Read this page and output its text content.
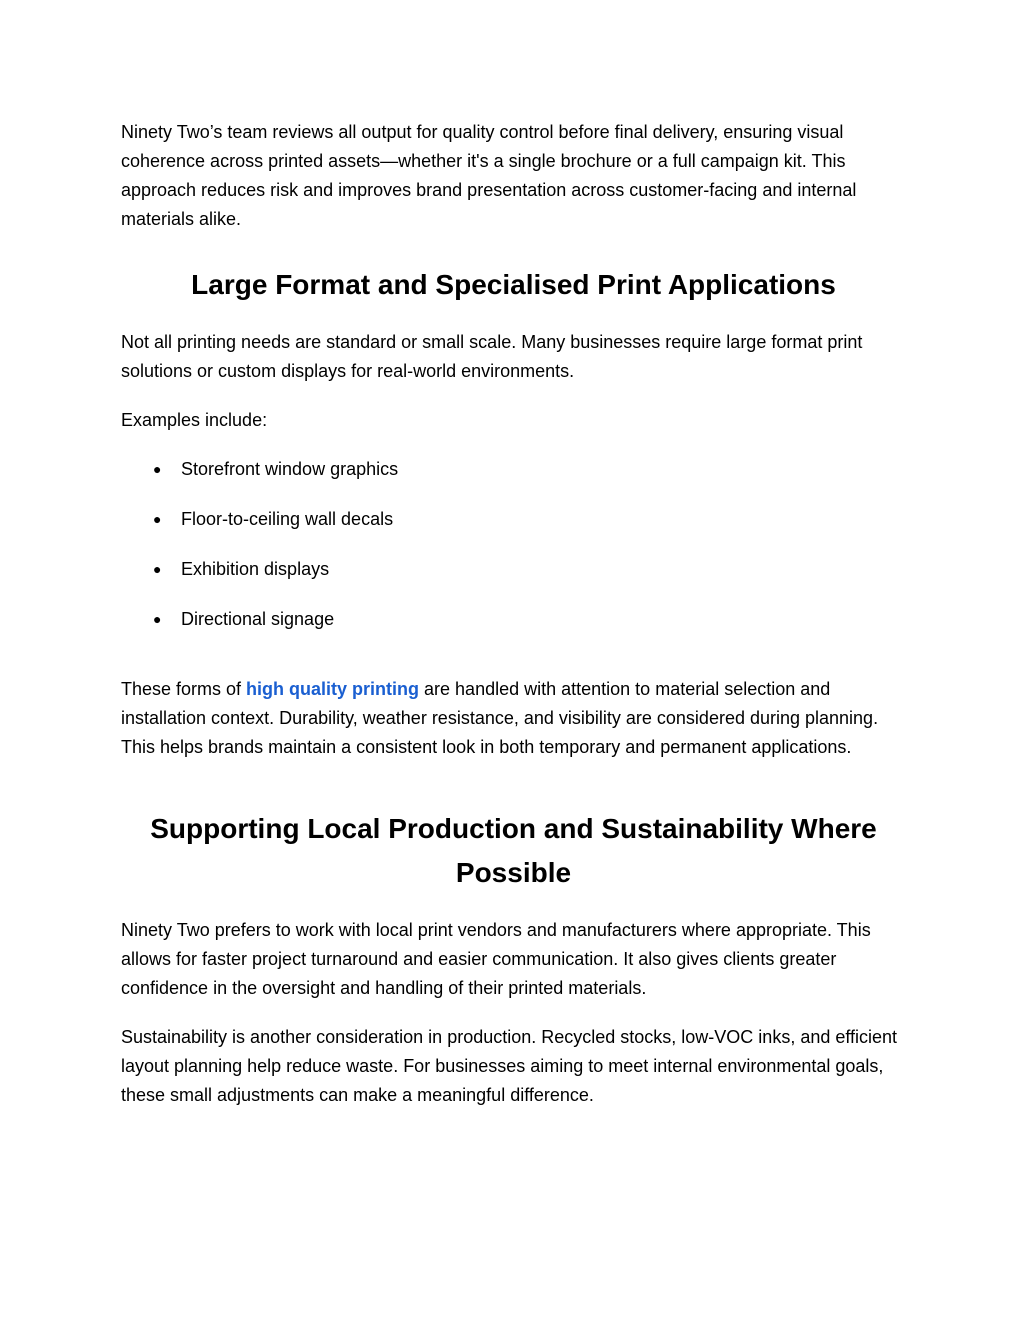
Ninety Two’s team reviews all output for quality control before final delivery, ensuring visual coherence across printed assets—whether it's a single brochure or a full campaign kit. This approach reduces risk and improves brand presentation across customer-facing and internal materials alike.

Large Format and Specialised Print Applications

Not all printing needs are standard or small scale. Many businesses require large format print solutions or custom displays for real-world environments.

Examples include:

● Storefront window graphics
● Floor-to-ceiling wall decals
● Exhibition displays
● Directional signage

These forms of high quality printing are handled with attention to material selection and installation context. Durability, weather resistance, and visibility are considered during planning. This helps brands maintain a consistent look in both temporary and permanent applications.

Supporting Local Production and Sustainability Where Possible

Ninety Two prefers to work with local print vendors and manufacturers where appropriate. This allows for faster project turnaround and easier communication. It also gives clients greater confidence in the oversight and handling of their printed materials.

Sustainability is another consideration in production. Recycled stocks, low-VOC inks, and efficient layout planning help reduce waste. For businesses aiming to meet internal environmental goals, these small adjustments can make a meaningful difference.
